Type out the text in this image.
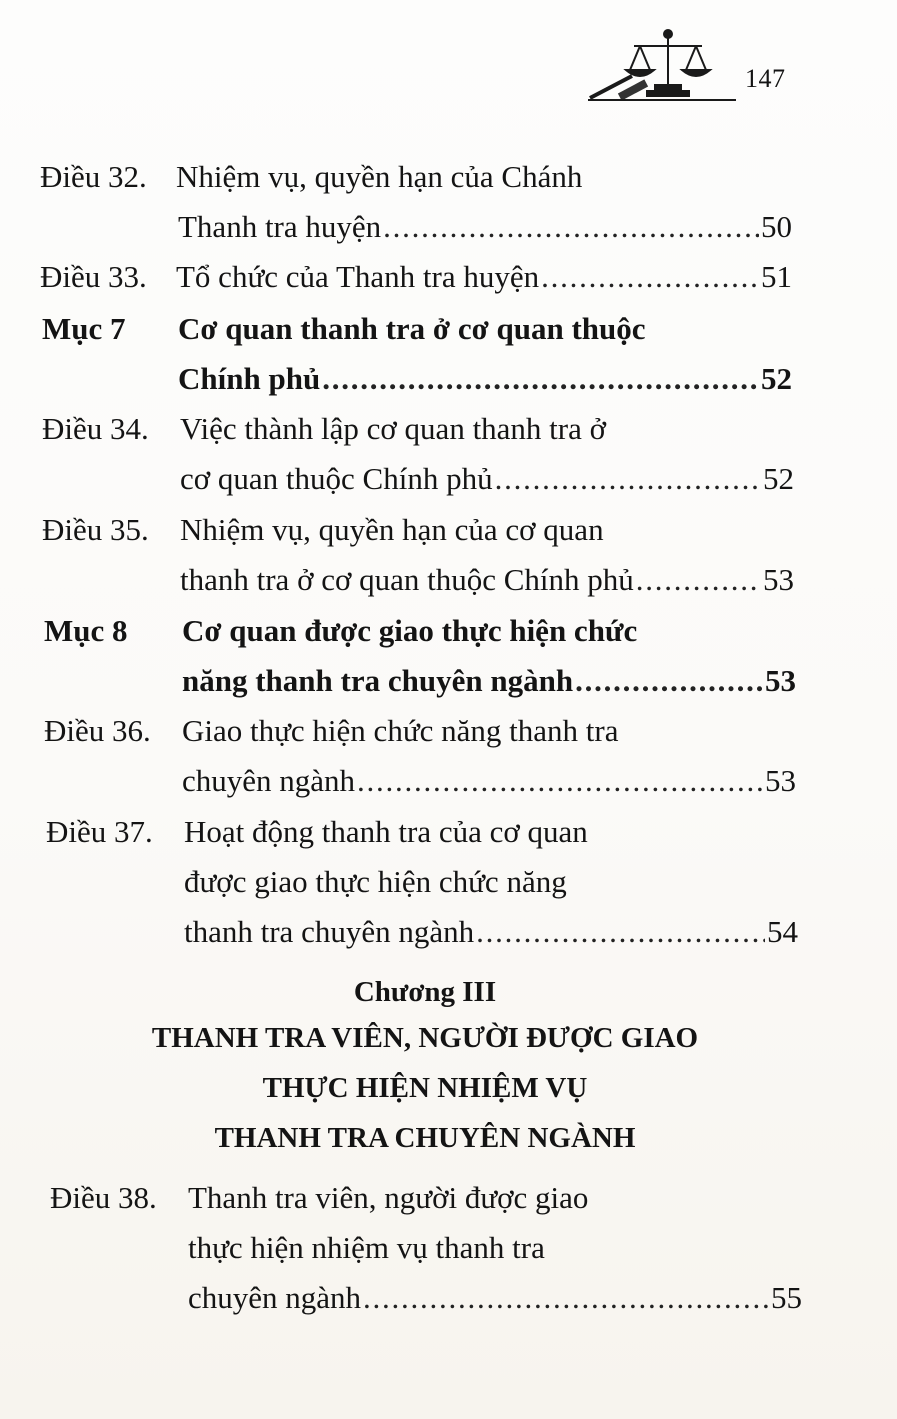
147
Điều 32. Nhiệm vụ, quyền hạn của Chánh
Thanh tra huyện . . .	50
Điều 33. Tổ chức của Thanh tra huyện . . .	51
Mục 7	Cơ quan thanh tra ở cơ quan thuộc
Chính phủ . . .	52
Điều 34.	Việc thành lập cơ quan thanh tra ở
cơ quan thuộc Chính phủ . . .	52
Điều 35.	Nhiệm vụ, quyền hạn của cơ quan
thanh tra ở cơ quan thuộc Chính phủ . . .	53
Mục 8	Cơ quan được giao thực hiện chức
năng thanh tra chuyên ngành . . .	53
Điều 36.	Giao thực hiện chức năng thanh tra
chuyên ngành . . .	53
Điều 37.	Hoạt động thanh tra của cơ quan
được giao thực hiện chức năng
thanh tra chuyên ngành . . .	54
Chương III
THANH TRA VIÊN, NGƯỜI ĐƯỢC GIAO
THỰC HIỆN NHIỆM VỤ
THANH TRA CHUYÊN NGÀNH
Điều 38.	Thanh tra viên, người được giao
thực hiện nhiệm vụ thanh tra
chuyên ngành . . .	55
